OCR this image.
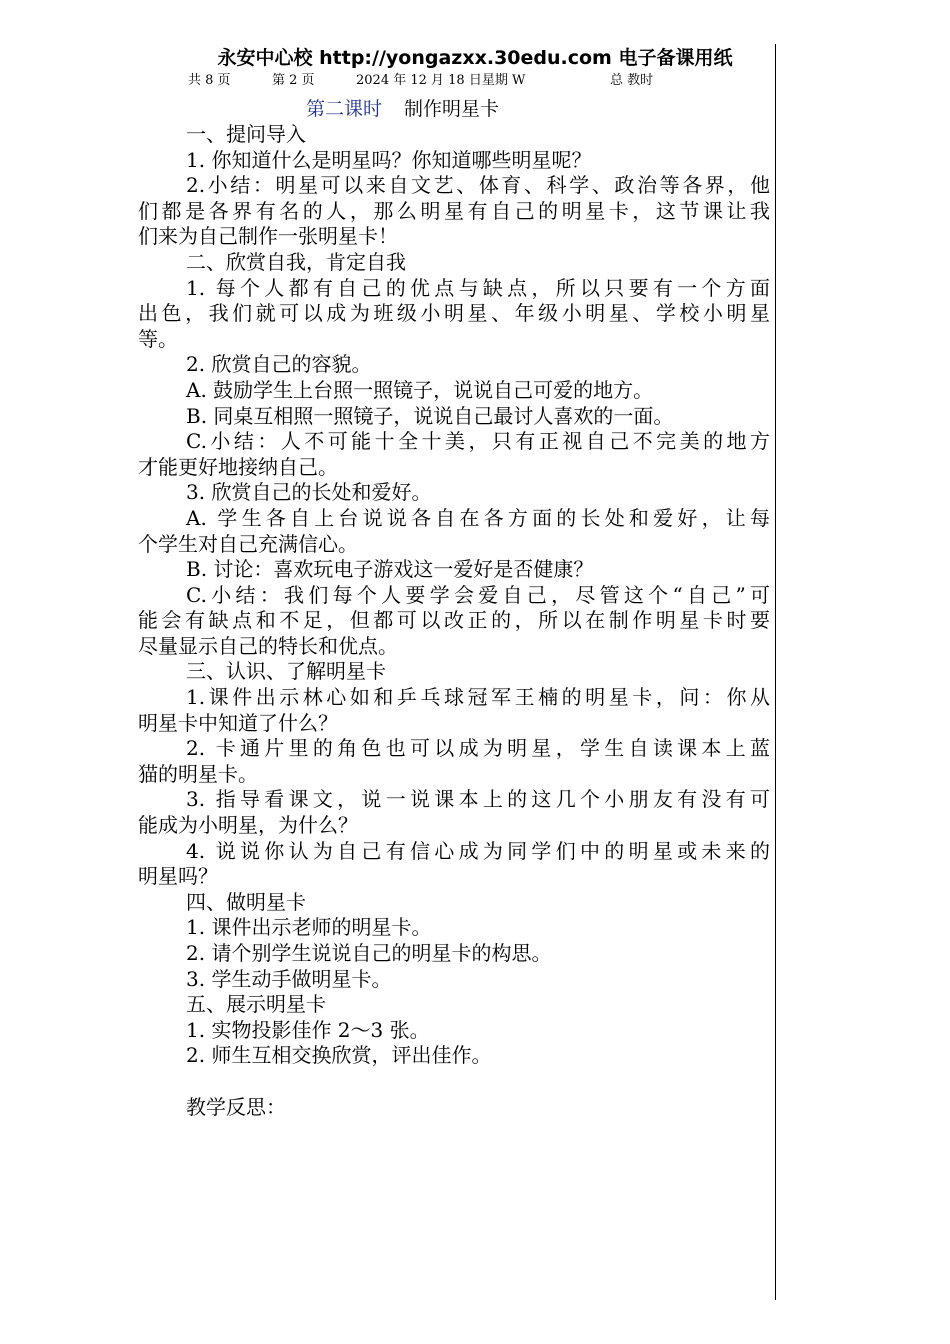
永安中心校 http://yongazxx.30edu.com 电子备课用纸
共 8 页	第 2 页	2024 年 12 月 18 日星期 W	总 教时
第二课时 制作明星卡
一、提问导入
1. 你知道什么是明星吗？你知道哪些明星呢？
2.小结：明星可以来自文艺、体育、科学、政治等各界，他
们都是各界有名的人，那么明星有自己的明星卡，这节课让我
们来为自己制作一张明星卡！
二、欣赏自我，肯定自我
1. 每个人都有自己的优点与缺点，所以只要有一个方面
出色，我们就可以成为班级小明星、年级小明星、学校小明星
等。
2. 欣赏自己的容貌。
A. 鼓励学生上台照一照镜子，说说自己可爱的地方。
B. 同桌互相照一照镜子，说说自己最讨人喜欢的一面。
C.小结：人不可能十全十美，只有正视自己不完美的地方
才能更好地接纳自己。
3. 欣赏自己的长处和爱好。
A. 学生各自上台说说各自在各方面的长处和爱好，让每
个学生对自己充满信心。
B. 讨论：喜欢玩电子游戏这一爱好是否健康？
C.小结：我们每个人要学会爱自己，尽管这个“自己”可
能会有缺点和不足，但都可以改正的，所以在制作明星卡时要
尽量显示自己的特长和优点。
三、认识、了解明星卡
1.课件出示林心如和乒乓球冠军王楠的明星卡，问：你从
明星卡中知道了什么？
2. 卡通片里的角色也可以成为明星，学生自读课本上蓝
猫的明星卡。
3. 指导看课文，说一说课本上的这几个小朋友有没有可
能成为小明星，为什么？
4. 说说你认为自己有信心成为同学们中的明星或未来的
明星吗？
四、做明星卡
1. 课件出示老师的明星卡。
2. 请个别学生说说自己的明星卡的构思。
3. 学生动手做明星卡。
五、展示明星卡
1. 实物投影佳作 2～3 张。
2. 师生互相交换欣赏，评出佳作。
教学反思：
